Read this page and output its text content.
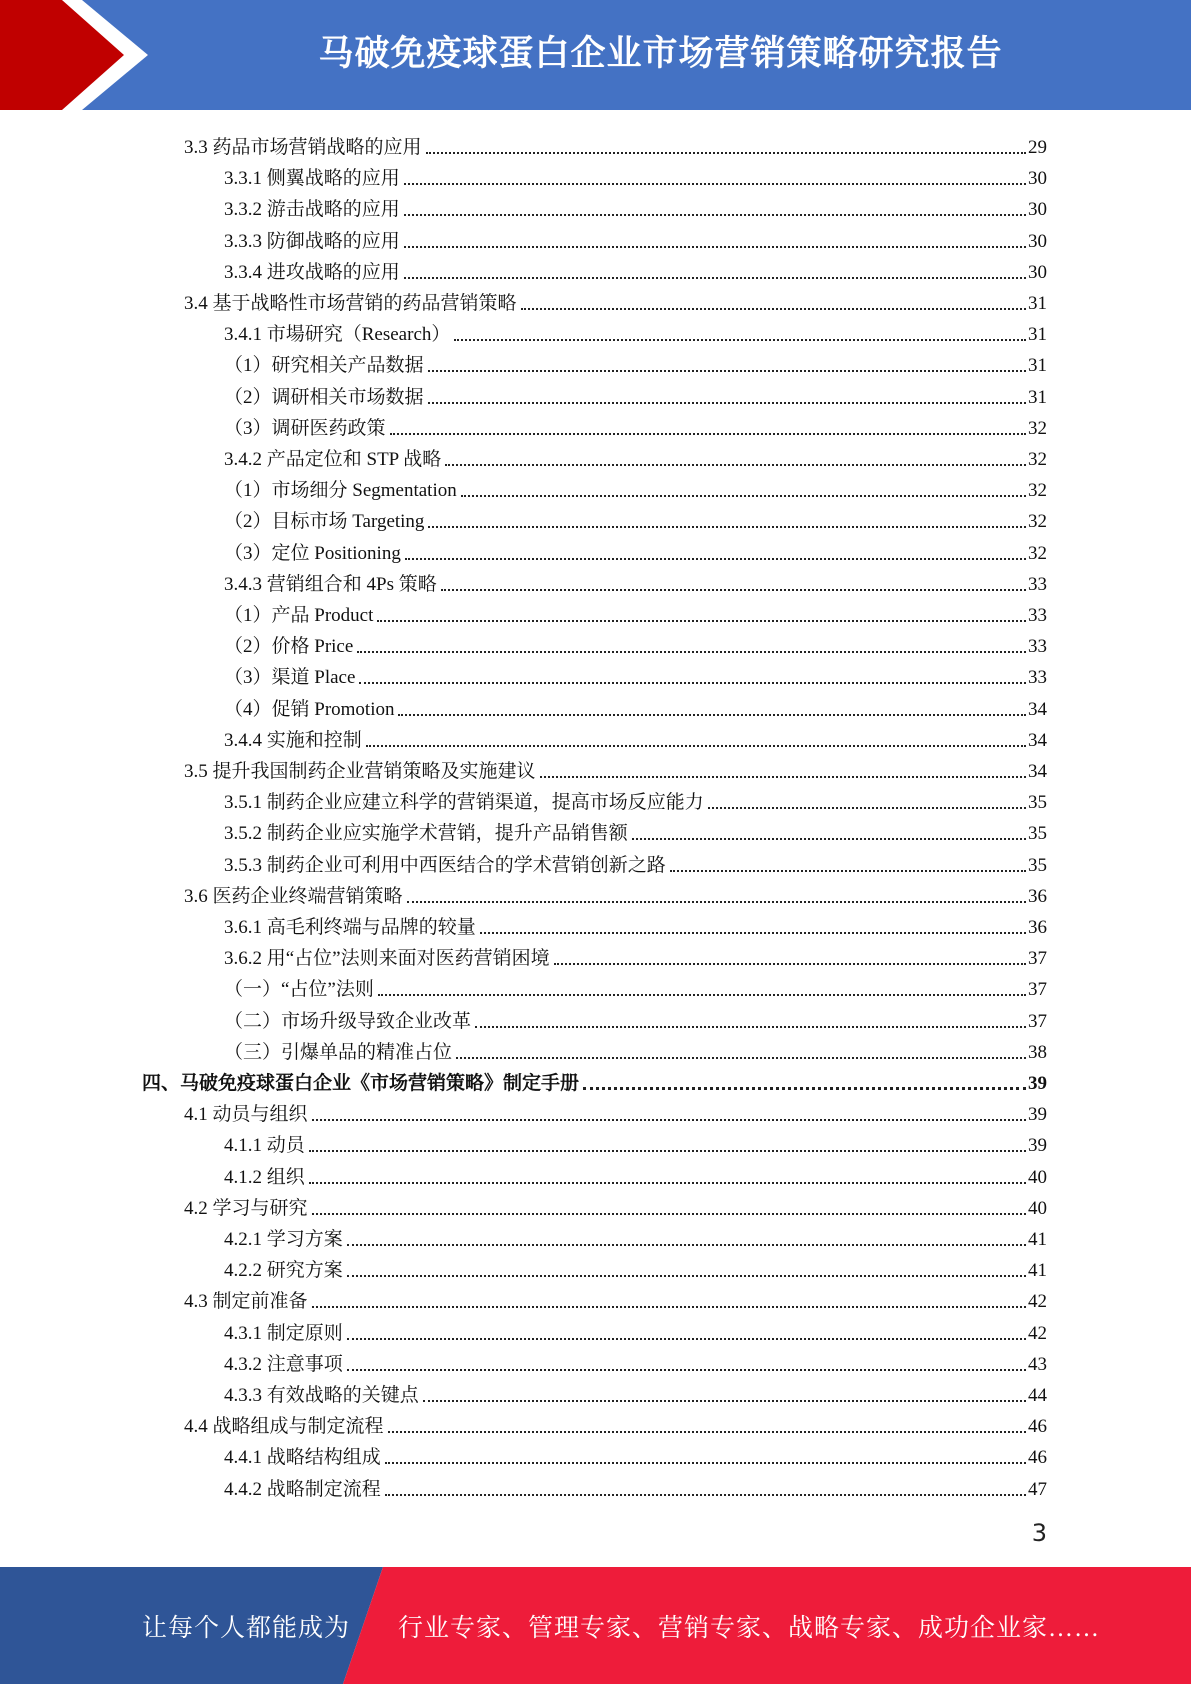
马破免疫球蛋白企业市场营销策略研究报告
3.3 药品市场营销战略的应用	29
3.3.1 侧翼战略的应用	30
3.3.2 游击战略的应用	30
3.3.3 防御战略的应用	30
3.3.4 进攻战略的应用	30
3.4 基于战略性市场营销的药品营销策略	31
3.4.1 市場研究（Research）	31
（1）研究相关产品数据	31
（2）调研相关市场数据	31
（3）调研医药政策	32
3.4.2 产品定位和 STP 战略	32
（1）市场细分 Segmentation	32
（2）目标市场 Targeting	32
（3）定位 Positioning	32
3.4.3 营销组合和 4Ps 策略	33
（1）产品 Product	33
（2）价格 Price	33
（3）渠道 Place	33
（4）促销 Promotion	34
3.4.4 实施和控制	34
3.5 提升我国制药企业营销策略及实施建议	34
3.5.1 制药企业应建立科学的营销渠道，提高市场反应能力	35
3.5.2 制药企业应实施学术营销，提升产品销售额	35
3.5.3 制药企业可利用中西医结合的学术营销创新之路	35
3.6 医药企业终端营销策略	36
3.6.1 高毛利终端与品牌的较量	36
3.6.2 用“占位”法则来面对医药营销困境	37
（一）“占位”法则	37
（二）市场升级导致企业改革	37
（三）引爆单品的精准占位	38
四、马破免疫球蛋白企业《市场营销策略》制定手册	39
4.1 动员与组织	39
4.1.1 动员	39
4.1.2 组织	40
4.2 学习与研究	40
4.2.1 学习方案	41
4.2.2 研究方案	41
4.3 制定前准备	42
4.3.1 制定原则	42
4.3.2 注意事项	43
4.3.3 有效战略的关键点	44
4.4 战略组成与制定流程	46
4.4.1 战略结构组成	46
4.4.2 战略制定流程	47
3
让每个人都能成为 行业专家、管理专家、营销专家、战略专家、成功企业家……
